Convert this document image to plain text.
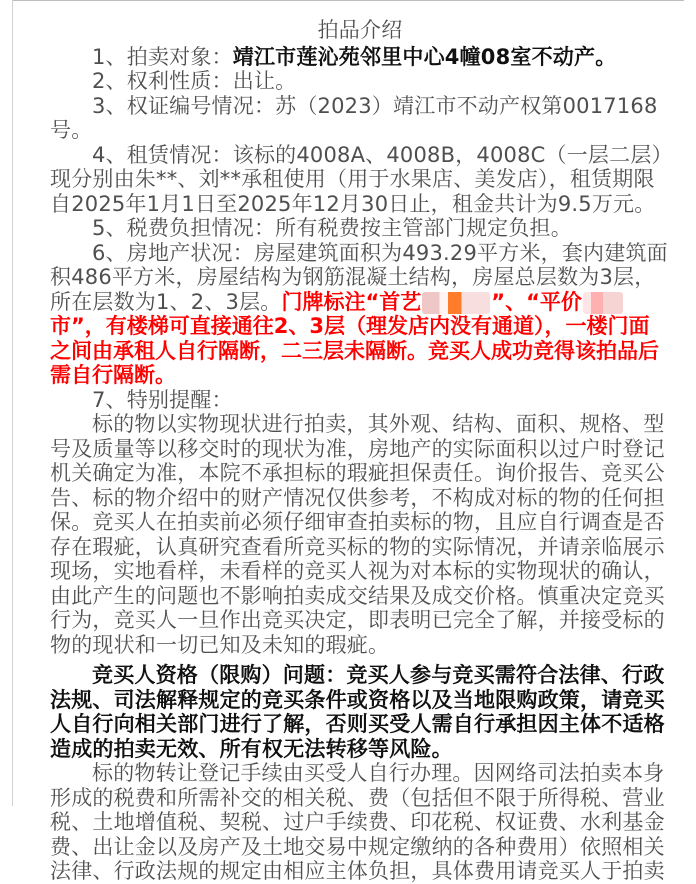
拍品介绍

1、拍卖对象：靖江市莲沁苑邻里中心4幢08室不动产。

2、权利性质：出让。

3、权证编号情况：苏（2023）靖江市不动产权第0017168号。

4、租赁情况：该标的4008A、4008B，4008C（一层二层）现分别由朱**、刘**承租使用（用于水果店、美发店），租赁期限自2025年1月1日至2025年12月30日止，租金共计为9.5万元。

5、税费负担情况：所有税费按主管部门规定负担。

6、房地产状况：房屋建筑面积为493.29平方米，套内建筑面积486平方米，房屋结构为钢筋混凝土结构，房屋总层数为3层，所在层数为1、2、3层。门牌标注“首艺	”、“平价市”，有楼梯可直接通往2、3层（理发店内没有通道），一楼门面之间由承租人自行隔断，二三层未隔断。竞买人成功竞得该拍品后需自行隔断。

7、特别提醒：

标的物以实物现状进行拍卖，其外观、结构、面积、规格、型号及质量等以移交时的现状为准，房地产的实际面积以过户时登记机关确定为准，本院不承担标的瑕疵担保责任。询价报告、竞买公告、标的物介绍中的财产情况仅供参考，不构成对标的物的任何担保。竞买人在拍卖前必须仔细审查拍卖标的物，且应自行调查是否存在瑕疵，认真研究查看所竞买标的物的实际情况，并请亲临展示现场，实地看样，未看样的竞买人视为对本标的实物现状的确认，由此产生的问题也不影响拍卖成交结果及成交价格。慎重决定竞买行为，竞买人一旦作出竞买决定，即表明已完全了解，并接受标的物的现状和一切已知及未知的瑕疵。

竞买人资格（限购）问题：竞买人参与竞买需符合法律、行政法规、司法解释规定的竞买条件或资格以及当地限购政策，请竞买人自行向相关部门进行了解，否则买受人需自行承担因主体不适格造成的拍卖无效、所有权无法转移等风险。

标的物转让登记手续由买受人自行办理。因网络司法拍卖本身形成的税费和所需补交的相关税、费（包括但不限于所得税、营业税、土地增值税、契税、过户手续费、印花税、权证费、水利基金费、出让金以及房产及土地交易中规定缴纳的各种费用）依照相关法律、行政法规的规定由相应主体负担，具体费用请竞买人于拍卖
